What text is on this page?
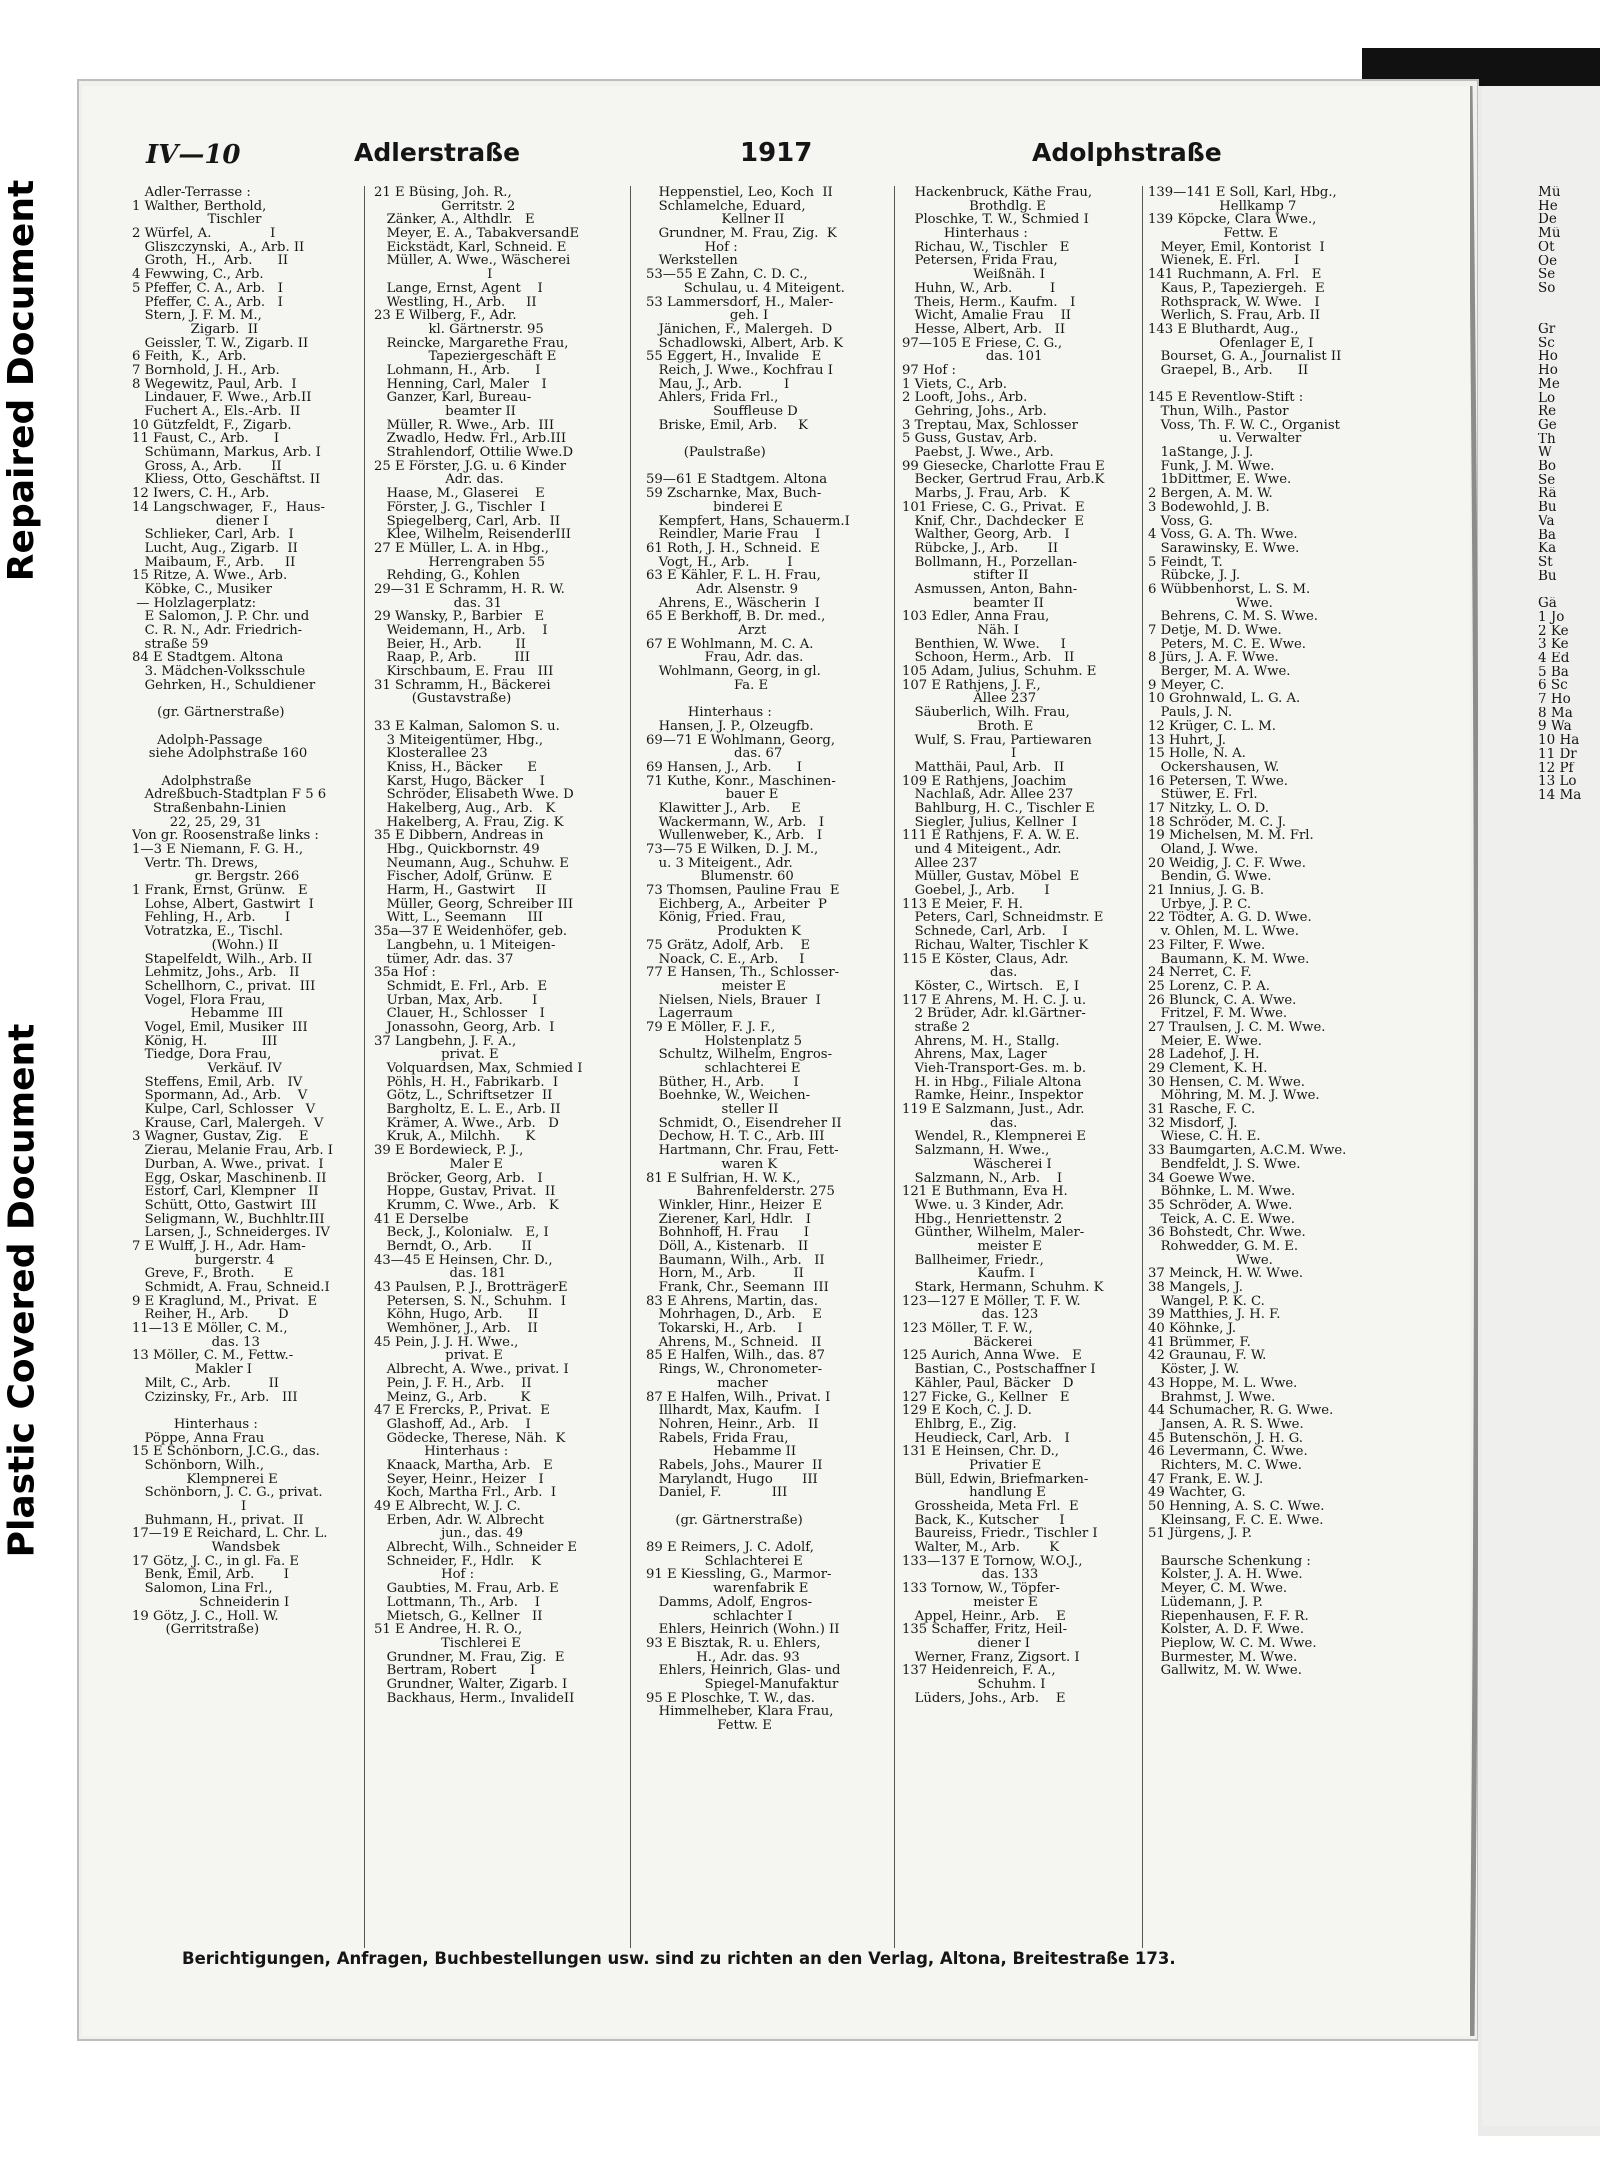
Repaired Document
Plastic Covered Document
IV—10	Adlerstraße	1917	Adolphstraße
Adler-Terrasse :
1 Walther, Berthold,
Tischler
2 Würfel, A.              I
Gliszczynski,  A., Arb. II
Groth,  H.,  Arb.      II
4 Fewwing, C., Arb.
5 Pfeffer, C. A., Arb.   I
Pfeffer, C. A., Arb.   I
Stern, J. F. M. M.,
Zigarb.  II
Geissler, T. W., Zigarb. II
6 Feith,  K.,  Arb.
7 Bornhold, J. H., Arb.
8 Wegewitz, Paul, Arb.  I
Lindauer, F. Wwe., Arb.II
Fuchert A., Els.-Arb.  II
10 Gützfeldt, F., Zigarb.
11 Faust, C., Arb.      I
Schümann, Markus, Arb. I
Gross, A., Arb.       II
Kliess, Otto, Geschäftst. II
12 Iwers, C. H., Arb.
14 Langschwager,  F.,  Haus-
diener I
Schlieker, Carl, Arb.  I
Lucht, Aug., Zigarb.  II
Maibaum, F., Arb.     II
15 Ritze, A. Wwe., Arb.
Köbke, C., Musiker
— Holzlagerplatz:
E Salomon, J. P. Chr. und
C. R. N., Adr. Friedrich-
straße 59
84 E Stadtgem. Altona
3. Mädchen-Volksschule
Gehrken, H., Schuldiener
(gr. Gärtnerstraße)
Adolph-Passage
siehe Adolphstraße 160
Adolphstraße
Adreßbuch-Stadtplan F 5 6
Straßenbahn-Linien
22, 25, 29, 31
Von gr. Roosenstraße links :
1—3 E Niemann, F. G. H.,
Vertr. Th. Drews,
gr. Bergstr. 266
1 Frank, Ernst, Grünw.   E
Lohse, Albert, Gastwirt  I
Fehling, H., Arb.       I
Votratzka, E., Tischl.
(Wohn.) II
Stapelfeldt, Wilh., Arb. II
Lehmitz, Johs., Arb.   II
Schellhorn, C., privat.  III
Vogel, Flora Frau,
Hebamme  III
Vogel, Emil, Musiker  III
König, H.             III
Tiedge, Dora Frau,
Verkäuf. IV
Steffens, Emil, Arb.   IV
Spormann, Ad., Arb.    V
Kulpe, Carl, Schlosser   V
Krause, Carl, Malergeh.  V
3 Wagner, Gustav, Zig.    E
Zierau, Melanie Frau, Arb. I
Durban, A. Wwe., privat.  I
Egg, Oskar, Maschinenb. II
Estorf, Carl, Klempner   II
Schütt, Otto, Gastwirt  III
Seligmann, W., Buchhltr.III
Larsen, J., Schneiderges. IV
7 E Wulff, J. H., Adr. Ham-
burgerstr. 4
Greve, F., Broth.       E
Schmidt, A. Frau, Schneid.I
9 E Kraglund, M., Privat.  E
Reiher, H., Arb.       D
11—13 E Möller, C. M.,
das. 13
13 Möller, C. M., Fettw.-
Makler I
Milt, C., Arb.         II
Czizinsky, Fr., Arb.   III
Hinterhaus :
Pöppe, Anna Frau
15 E Schönborn, J.C.G., das.
Schönborn, Wilh.,
Klempnerei E
Schönborn, J. C. G., privat.
I
Buhmann, H., privat.  II
17—19 E Reichard, L. Chr. L.
Wandsbek
17 Götz, J. C., in gl. Fa. E
Benk, Emil, Arb.       I
Salomon, Lina Frl.,
Schneiderin I
19 Götz, J. C., Holl. W.
(Gerritstraße)
21 E Büsing, Joh. R.,
Gerritstr. 2
Zänker, A., Althdlr.   E
Meyer, E. A., TabakversandE
Eickstädt, Karl, Schneid. E
Müller, A. Wwe., Wäscherei
I
Lange, Ernst, Agent    I
Westling, H., Arb.     II
23 E Wilberg, F., Adr.
kl. Gärtnerstr. 95
Reincke, Margarethe Frau,
Tapeziergeschäft E
Lohmann, H., Arb.      I
Henning, Carl, Maler   I
Ganzer, Karl, Bureau-
beamter II
Müller, R. Wwe., Arb.  III
Zwadlo, Hedw. Frl., Arb.III
Strahlendorf, Ottilie Wwe.D
25 E Förster, J.G. u. 6 Kinder
Adr. das.
Haase, M., Glaserei    E
Förster, J. G., Tischler  I
Spiegelberg, Carl, Arb.  II
Klee, Wilhelm, ReisenderIII
27 E Müller, L. A. in Hbg.,
Herrengraben 55
Rehding, G., Kohlen
29—31 E Schramm, H. R. W.
das. 31
29 Wansky, P., Barbier   E
Weidemann, H., Arb.    I
Beier, H., Arb.        II
Raap, P., Arb.         III
Kirschbaum, E. Frau   III
31 Schramm, H., Bäckerei
(Gustavstraße)
33 E Kalman, Salomon S. u.
3 Miteigentümer, Hbg.,
Klosterallee 23
Kniss, H., Bäcker      E
Karst, Hugo, Bäcker    I
Schröder, Elisabeth Wwe. D
Hakelberg, Aug., Arb.   K
Hakelberg, A. Frau, Zig. K
35 E Dibbern, Andreas in
Hbg., Quickbornstr. 49
Neumann, Aug., Schuhw. E
Fischer, Adolf, Grünw.  E
Harm, H., Gastwirt     II
Müller, Georg, Schreiber III
Witt, L., Seemann     III
35a—37 E Weidenhöfer, geb.
Langbehn, u. 1 Miteigen-
tümer, Adr. das. 37
35a Hof :
Schmidt, E. Frl., Arb.  E
Urban, Max, Arb.       I
Clauer, H., Schlosser   I
Jonassohn, Georg, Arb.  I
37 Langbehn, J. F. A.,
privat. E
Volquardsen, Max, Schmied I
Pöhls, H. H., Fabrikarb.  I
Götz, L., Schriftsetzer  II
Bargholtz, E. L. E., Arb. II
Krämer, A. Wwe., Arb.   D
Kruk, A., Milchh.      K
39 E Bordewieck, P. J.,
Maler E
Bröcker, Georg, Arb.   I
Hoppe, Gustav, Privat.  II
Krumm, C. Wwe., Arb.   K
41 E Derselbe
Beck, J., Kolonialw.   E, I
Berndt, O., Arb.       II
43—45 E Heinsen, Chr. D.,
das. 181
43 Paulsen, P. J., BrotträgerE
Petersen, S. N., Schuhm.  I
Köhn, Hugo, Arb.      II
Wemhöner, J., Arb.    II
45 Pein, J. J. H. Wwe.,
privat. E
Albrecht, A. Wwe., privat. I
Pein, J. F. H., Arb.    II
Meinz, G., Arb.        K
47 E Frercks, P., Privat.  E
Glashoff, Ad., Arb.    I
Gödecke, Therese, Näh.  K
Hinterhaus :
Knaack, Martha, Arb.   E
Seyer, Heinr., Heizer   I
Koch, Martha Frl., Arb.  I
49 E Albrecht, W. J. C.
Erben, Adr. W. Albrecht
jun., das. 49
Albrecht, Wilh., Schneider E
Schneider, F., Hdlr.    K
Hof :
Gaubties, M. Frau, Arb. E
Lottmann, Th., Arb.    I
Mietsch, G., Kellner   II
51 E Andree, H. R. O.,
Tischlerei E
Grundner, M. Frau, Zig.  E
Bertram, Robert        I
Grundner, Walter, Zigarb. I
Backhaus, Herm., InvalideII
Heppenstiel, Leo, Koch  II
Schlamelche, Eduard,
Kellner II
Grundner, M. Frau, Zig.  K
Hof :
Werkstellen
53—55 E Zahn, C. D. C.,
Schulau, u. 4 Miteigent.
53 Lammersdorf, H., Maler-
geh. I
Jänichen, F., Malergeh.  D
Schadlowski, Albert, Arb. K
55 Eggert, H., Invalide   E
Reich, J. Wwe., Kochfrau I
Mau, J., Arb.          I
Ahlers, Frida Frl.,
Souffleuse D
Briske, Emil, Arb.     K
(Paulstraße)
59—61 E Stadtgem. Altona
59 Zscharnke, Max, Buch-
binderei E
Kempfert, Hans, Schauerm.I
Reindler, Marie Frau    I
61 Roth, J. H., Schneid.  E
Vogt, H., Arb.         I
63 E Kähler, F. L. H. Frau,
Adr. Alsenstr. 9
Ahrens, E., Wäscherin  I
65 E Berkhoff, B. Dr. med.,
Arzt
67 E Wohlmann, M. C. A.
Frau, Adr. das.
Wohlmann, Georg, in gl.
Fa. E
Hinterhaus :
Hansen, J. P., Ölzeugfb.
69—71 E Wohlmann, Georg,
das. 67
69 Hansen, J., Arb.      I
71 Kuthe, Konr., Maschinen-
bauer E
Klawitter J., Arb.     E
Wackermann, W., Arb.   I
Wullenweber, K., Arb.   I
73—75 E Wilken, D. J. M.,
u. 3 Miteigent., Adr.
Blumenstr. 60
73 Thomsen, Pauline Frau  E
Eichberg, A.,  Arbeiter  P
König, Fried. Frau,
Produkten K
75 Grätz, Adolf, Arb.    E
Noack, C. E., Arb.     I
77 E Hansen, Th., Schlosser-
meister E
Nielsen, Niels, Brauer  I
Lagerraum
79 E Möller, F. J. F.,
Holstenplatz 5
Schultz, Wilhelm, Engros-
schlachterei E
Büther, H., Arb.       I
Boehnke, W., Weichen-
steller II
Schmidt, O., Eisendreher II
Dechow, H. T. C., Arb. III
Hartmann, Chr. Frau, Fett-
waren K
81 E Sulfrian, H. W. K.,
Bahrenfelderstr. 275
Winkler, Hinr., Heizer  E
Zierener, Karl, Hdlr.   I
Bohnhoff, H. Frau      I
Döll, A., Kistenarb.   II
Baumann, Wilh., Arb.   II
Horn, M., Arb.         II
Frank, Chr., Seemann  III
83 E Ahrens, Martin, das.
Mohrhagen, D., Arb.    E
Tokarski, H., Arb.     I
Ahrens, M., Schneid.   II
85 E Halfen, Wilh., das. 87
Rings, W., Chronometer-
macher
87 E Halfen, Wilh., Privat. I
Illhardt, Max, Kaufm.   I
Nohren, Heinr., Arb.   II
Rabels, Frida Frau,
Hebamme II
Rabels, Johs., Maurer  II
Marylandt, Hugo       III
Daniel, F.            III
(gr. Gärtnerstraße)
89 E Reimers, J. C. Adolf,
Schlachterei E
91 E Kiessling, G., Marmor-
warenfabrik E
Damms, Adolf, Engros-
schlachter I
Ehlers, Heinrich (Wohn.) II
93 E Bisztak, R. u. Ehlers,
H., Adr. das. 93
Ehlers, Heinrich, Glas- und
Spiegel-Manufaktur
95 E Ploschke, T. W., das.
Himmelheber, Klara Frau,
Fettw. E
Hackenbruck, Käthe Frau,
Brothdlg. E
Ploschke, T. W., Schmied I
Hinterhaus :
Richau, W., Tischler   E
Petersen, Frida Frau,
Weißnäh. I
Huhn, W., Arb.         I
Theis, Herm., Kaufm.   I
Wicht, Amalie Frau    II
Hesse, Albert, Arb.   II
97—105 E Friese, C. G.,
das. 101
97 Hof :
1 Viets, C., Arb.
2 Looft, Johs., Arb.
Gehring, Johs., Arb.
3 Treptau, Max, Schlosser
5 Guss, Gustav, Arb.
Paebst, J. Wwe., Arb.
99 Giesecke, Charlotte Frau E
Becker, Gertrud Frau, Arb.K
Marbs, J. Frau, Arb.   K
101 Friese, C. G., Privat.  E
Knif, Chr., Dachdecker  E
Walther, Georg, Arb.   I
Rübcke, J., Arb.       II
Bollmann, H., Porzellan-
stifter II
Asmussen, Anton, Bahn-
beamter II
103 Edler, Anna Frau,
Näh. I
Benthien, W. Wwe.     I
Schoon, Herm., Arb.   II
105 Adam, Julius, Schuhm. E
107 E Rathjens, J. F.,
Allee 237
Säuberlich, Wilh. Frau,
Broth. E
Wulf, S. Frau, Partiewaren
I
Matthäi, Paul, Arb.   II
109 E Rathjens, Joachim
Nachlaß, Adr. Allee 237
Bahlburg, H. C., Tischler E
Siegler, Julius, Kellner  I
111 E Rathjens, F. A. W. E.
und 4 Miteigent., Adr.
Allee 237
Müller, Gustav, Möbel  E
Goebel, J., Arb.       I
113 E Meier, F. H.
Peters, Carl, Schneidmstr. E
Schnede, Carl, Arb.    I
Richau, Walter, Tischler K
115 E Köster, Claus, Adr.
das.
Köster, C., Wirtsch.   E, I
117 E Ahrens, M. H. C. J. u.
2 Brüder, Adr. kl.Gärtner-
straße 2
Ahrens, M. H., Stallg.
Ahrens, Max, Lager
Vieh-Transport-Ges. m. b.
H. in Hbg., Filiale Altona
Ramke, Heinr., Inspektor
119 E Salzmann, Just., Adr.
das.
Wendel, R., Klempnerei E
Salzmann, H. Wwe.,
Wäscherei I
Salzmann, N., Arb.    I
121 E Buthmann, Eva H.
Wwe. u. 3 Kinder, Adr.
Hbg., Henriettenstr. 2
Günther, Wilhelm, Maler-
meister E
Ballheimer, Friedr.,
Kaufm. I
Stark, Hermann, Schuhm. K
123—127 E Möller, T. F. W.
das. 123
123 Möller, T. F. W.,
Bäckerei
125 Aurich, Anna Wwe.   E
Bastian, C., Postschaffner I
Kähler, Paul, Bäcker   D
127 Ficke, G., Kellner   E
129 E Koch, C. J. D.
Ehlbrg, E., Zig.
Heudieck, Carl, Arb.   I
131 E Heinsen, Chr. D.,
Privatier E
Büll, Edwin, Briefmarken-
handlung E
Grossheida, Meta Frl.  E
Back, K., Kutscher     I
Baureiss, Friedr., Tischler I
Walter, M., Arb.       K
133—137 E Tornow, W.O.J.,
das. 133
133 Tornow, W., Töpfer-
meister E
Appel, Heinr., Arb.    E
135 Schaffer, Fritz, Heil-
diener I
Werner, Franz, Zigsort. I
137 Heidenreich, F. A.,
Schuhm. I
Lüders, Johs., Arb.    E
139—141 E Soll, Karl, Hbg.,
Hellkamp 7
139 Köpcke, Clara Wwe.,
Fettw. E
Meyer, Emil, Kontorist  I
Wienek, E. Frl.        I
141 Ruchmann, A. Frl.   E
Kaus, P., Tapeziergeh.  E
Rothsprack, W. Wwe.   I
Werlich, S. Frau, Arb. II
143 E Bluthardt, Aug.,
Ofenlager E, I
Bourset, G. A., Journalist II
Graepel, B., Arb.      II
145 E Reventlow-Stift :
Thun, Wilh., Pastor
Voss, Th. F. W. C., Organist
u. Verwalter
1aStange, J. J.
Funk, J. M. Wwe.
1bDittmer, E. Wwe.
2 Bergen, A. M. W.
3 Bodewohld, J. B.
Voss, G.
4 Voss, G. A. Th. Wwe.
Sarawinsky, E. Wwe.
5 Feindt, T.
Rübcke, J. J.
6 Wübbenhorst, L. S. M.
Wwe.
Behrens, C. M. S. Wwe.
7 Detje, M. D. Wwe.
Peters, M. C. E. Wwe.
8 Jürs, J. A. F. Wwe.
Berger, M. A. Wwe.
9 Meyer, C.
10 Grohnwald, L. G. A.
Pauls, J. N.
12 Krüger, C. L. M.
13 Huhrt, J.
15 Holle, N. A.
Ockershausen, W.
16 Petersen, T. Wwe.
Stüwer, E. Frl.
17 Nitzky, L. O. D.
18 Schröder, M. C. J.
19 Michelsen, M. M. Frl.
Oland, J. Wwe.
20 Weidig, J. C. F. Wwe.
Bendin, G. Wwe.
21 Innius, J. G. B.
Urbye, J. P. C.
22 Tödter, A. G. D. Wwe.
v. Ohlen, M. L. Wwe.
23 Filter, F. Wwe.
Baumann, K. M. Wwe.
24 Nerret, C. F.
25 Lorenz, C. P. A.
26 Blunck, C. A. Wwe.
Fritzel, F. M. Wwe.
27 Traulsen, J. C. M. Wwe.
Meier, E. Wwe.
28 Ladehof, J. H.
29 Clement, K. H.
30 Hensen, C. M. Wwe.
Möhring, M. M. J. Wwe.
31 Rasche, F. C.
32 Misdorf, J.
Wiese, C. H. E.
33 Baumgarten, A.C.M. Wwe.
Bendfeldt, J. S. Wwe.
34 Goewe Wwe.
Böhnke, L. M. Wwe.
35 Schröder, A. Wwe.
Teick, A. C. E. Wwe.
36 Bohstedt, Chr. Wwe.
Rohwedder, G. M. E.
Wwe.
37 Meinck, H. W. Wwe.
38 Mangels, J.
Wangel, P. K. C.
39 Matthies, J. H. F.
40 Köhnke, J.
41 Brümmer, F.
42 Graunau, F. W.
Köster, J. W.
43 Hoppe, M. L. Wwe.
Brahmst, J. Wwe.
44 Schumacher, R. G. Wwe.
Jansen, A. R. S. Wwe.
45 Butenschön, J. H. G.
46 Levermann, C. Wwe.
Richters, M. C. Wwe.
47 Frank, E. W. J.
49 Wachter, G.
50 Henning, A. S. C. Wwe.
Kleinsang, F. C. E. Wwe.
51 Jürgens, J. P.
Baursche Schenkung :
Kolster, J. A. H. Wwe.
Meyer, C. M. Wwe.
Lüdemann, J. P.
Riepenhausen, F. F. R.
Kolster, A. D. F. Wwe.
Pieplow, W. C. M. Wwe.
Burmester, M. Wwe.
Gallwitz, M. W. Wwe.
Berichtigungen, Anfragen, Buchbestellungen usw. sind zu richten an den Verlag, Altona, Breitestraße 173.
Mü
He
De
Mü
Ot
Oe
Se
So

Gr
Sc
Ho
Ho
Me
Lo
Re
Ge
Th
W
Bo
Se
Rä
Bu
Va
Ba
Ka
St
Bu

Gä
1 Jo
2 Ke
3 Ke
4 Ed
5 Ba
6 Sc
7 Ho
8 Ma
9 Wa
10 Ha
11 Dr
12 Pf
13 Lo
14 Ma
